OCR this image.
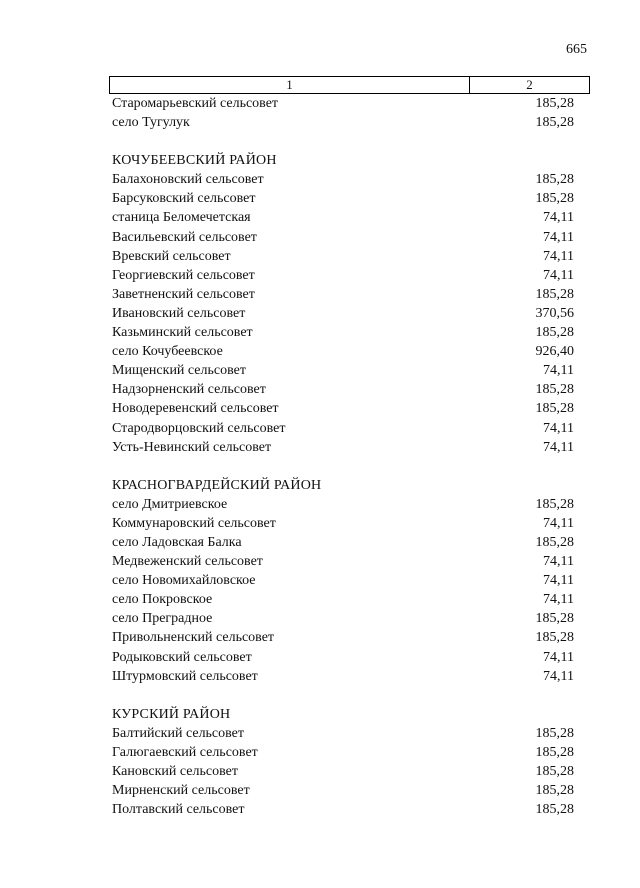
665
1	2
Старомарьевский сельсовет	185,28
село Тугулук	185,28
КОЧУБЕЕВСКИЙ РАЙОН
Балахоновский сельсовет	185,28
Барсуковский сельсовет	185,28
станица Беломечетская	74,11
Васильевский сельсовет	74,11
Вревский сельсовет	74,11
Георгиевский сельсовет	74,11
Заветненский сельсовет	185,28
Ивановский сельсовет	370,56
Казьминский сельсовет	185,28
село Кочубеевское	926,40
Мищенский сельсовет	74,11
Надзорненский сельсовет	185,28
Новодеревенский сельсовет	185,28
Стародворцовский сельсовет	74,11
Усть-Невинский сельсовет	74,11
КРАСНОГВАРДЕЙСКИЙ РАЙОН
село Дмитриевское	185,28
Коммунаровский сельсовет	74,11
село Ладовская Балка	185,28
Медвеженский сельсовет	74,11
село Новомихайловское	74,11
село Покровское	74,11
село Преградное	185,28
Привольненский сельсовет	185,28
Родыковский сельсовет	74,11
Штурмовский сельсовет	74,11
КУРСКИЙ РАЙОН
Балтийский сельсовет	185,28
Галюгаевский сельсовет	185,28
Кановский сельсовет	185,28
Мирненский сельсовет	185,28
Полтавский сельсовет	185,28
